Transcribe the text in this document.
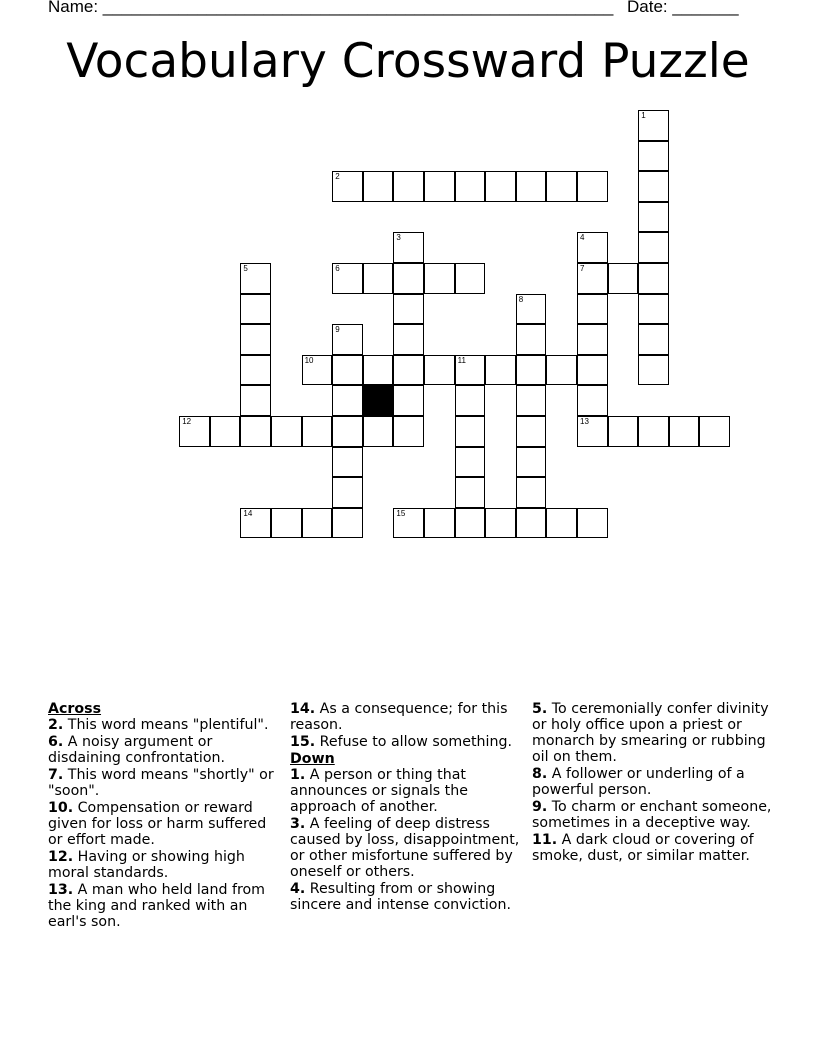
Name: ______________________________________________________ Date: _______
Vocabulary Crossward Puzzle
1
2
3	4
5	6	7
8
9
10	11
12	13
14	15
Across
2. This word means "plentiful".
6. A noisy argument or disdaining confrontation.
7. This word means "shortly" or "soon".
10. Compensation or reward given for loss or harm suffered or effort made.
12. Having or showing high moral standards.
13. A man who held land from the king and ranked with an earl's son.
14. As a consequence; for this reason.
15. Refuse to allow something.
Down
1. A person or thing that announces or signals the approach of another.
3. A feeling of deep distress caused by loss, disappointment, or other misfortune suffered by oneself or others.
4. Resulting from or showing sincere and intense conviction.
5. To ceremonially confer divinity or holy office upon a priest or monarch by smearing or rubbing oil on them.
8. A follower or underling of a powerful person.
9. To charm or enchant someone, sometimes in a deceptive way.
11. A dark cloud or covering of smoke, dust, or similar matter.
